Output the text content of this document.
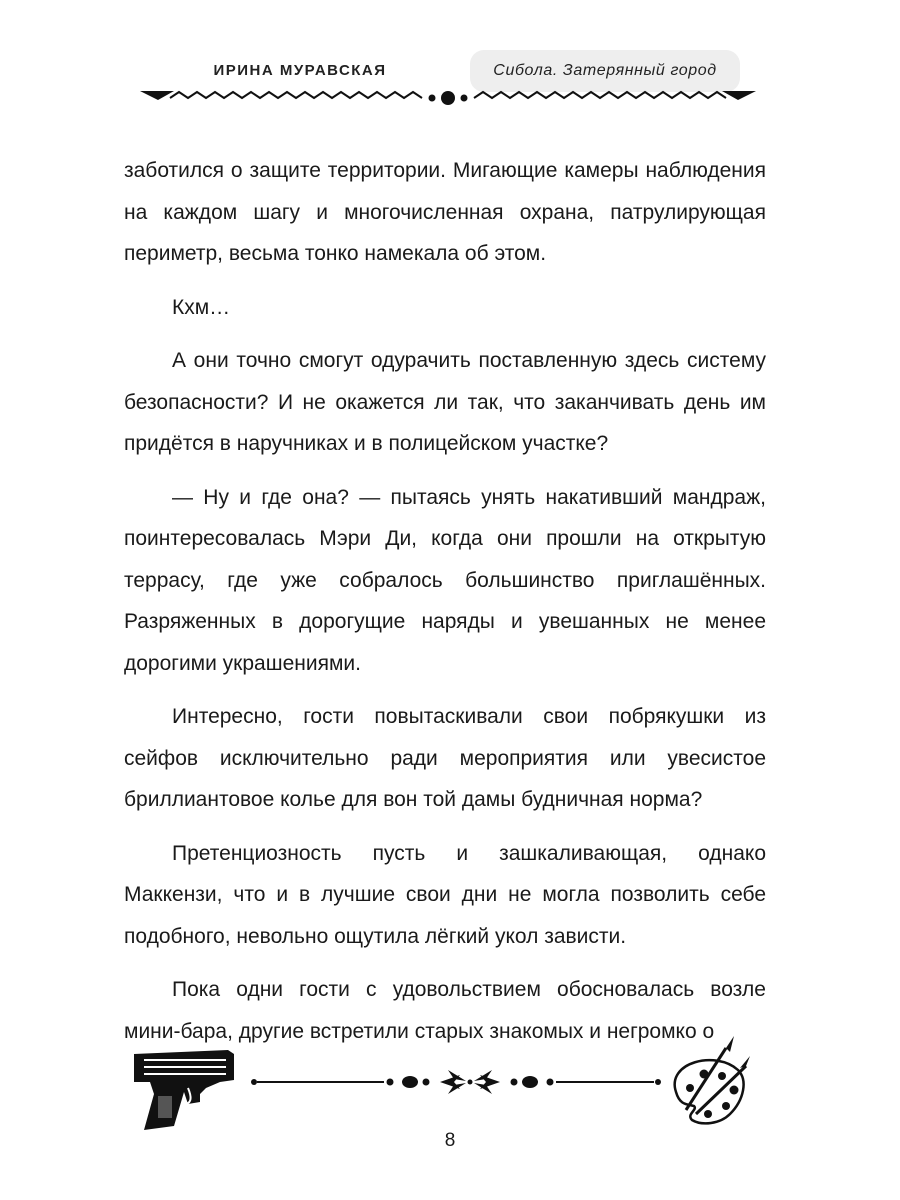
ИРИНА МУРАВСКАЯ	Сибола. Затерянный город

заботился о защите территории. Мигающие камеры наблюдения на каждом шагу и многочисленная охрана, патрулирующая периметр, весьма тонко намекала об этом.

Кхм…

А они точно смогут одурачить поставленную здесь систему безопасности? И не окажется ли так, что заканчивать день им придётся в наручниках и в полицейском участке?

— Ну и где она? — пытаясь унять накативший мандраж, поинтересовалась Мэри Ди, когда они прошли на открытую террасу, где уже собралось большинство приглашённых. Разряженных в дорогущие наряды и увешанных не менее дорогими украшениями.

Интересно, гости повытаскивали свои побрякушки из сейфов исключительно ради мероприятия или увесистое бриллиантовое колье для вон той дамы будничная норма?

Претенциозность пусть и зашкаливающая, однако Маккензи, что и в лучшие свои дни не могла позволить себе подобного, невольно ощутила лёгкий укол зависти.

Пока одни гости с удовольствием обосновалась возле мини-бара, другие встретили старых знакомых и негромко о

8
